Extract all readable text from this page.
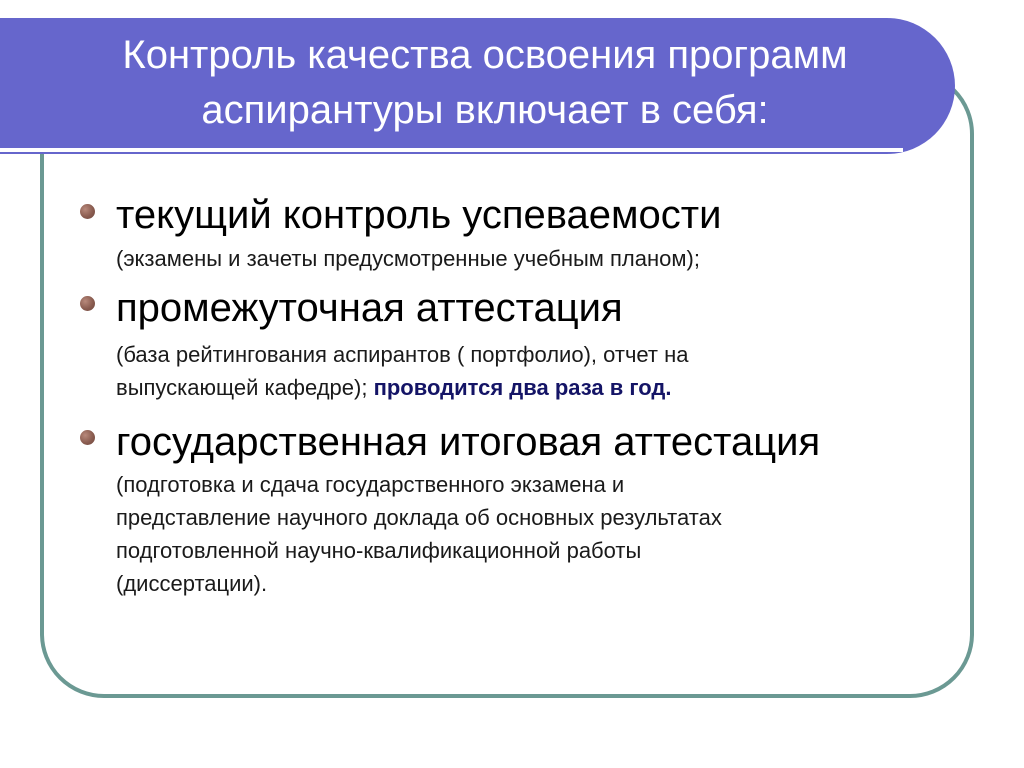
Контроль качества освоения программ
аспирантуры включает в себя:
текущий контроль успеваемости
(экзамены и зачеты предусмотренные учебным планом);
промежуточная аттестация
(база рейтингования аспирантов ( портфолио), отчет на
выпускающей кафедре); проводится два раза в год.
государственная итоговая аттестация
(подготовка и сдача государственного экзамена и
представление научного доклада об основных результатах
подготовленной научно-квалификационной работы
(диссертации).
